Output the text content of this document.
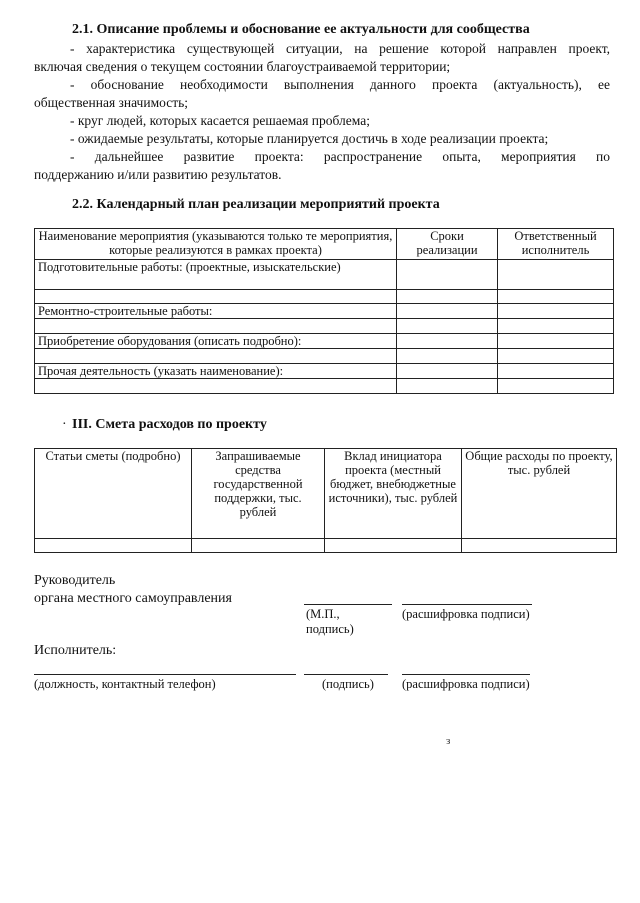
2.1. Описание проблемы и обоснование ее актуальности для сообщества
- характеристика существующей ситуации, на решение которой направлен проект,
включая сведения о текущем состоянии благоустраиваемой территории;
- обоснование необходимости выполнения данного проекта (актуальность), ее
общественная значимость;
- круг людей, которых касается решаемая проблема;
- ожидаемые результаты, которые планируется достичь в ходе реализации проекта;
- дальнейшее развитие проекта: распространение опыта, мероприятия по
поддержанию и/или развитию результатов.
2.2. Календарный план реализации мероприятий проекта
Наименование мероприятия (указываются только те мероприятия, которые реализуются в рамках проекта)	Сроки реализации	Ответственный исполнитель
Подготовительные работы: (проектные, изыскательские)		

Ремонтно-строительные работы:		

Приобретение оборудования (описать подробно):		

Прочая деятельность (указать наименование):		

· III. Смета расходов по проекту
Статьи сметы (подробно)	Запрашиваемые средства государственной поддержки, тыс. рублей	Вклад инициатора проекта (местный бюджет, внебюджетные источники), тыс. рублей	Общие расходы по проекту, тыс. рублей

Руководитель
органа местного самоуправления
(М.П.,
подпись)
(расшифровка подписи)
Исполнитель:
(должность, контактный телефон)	(подпись) (расшифровка подписи)
з
